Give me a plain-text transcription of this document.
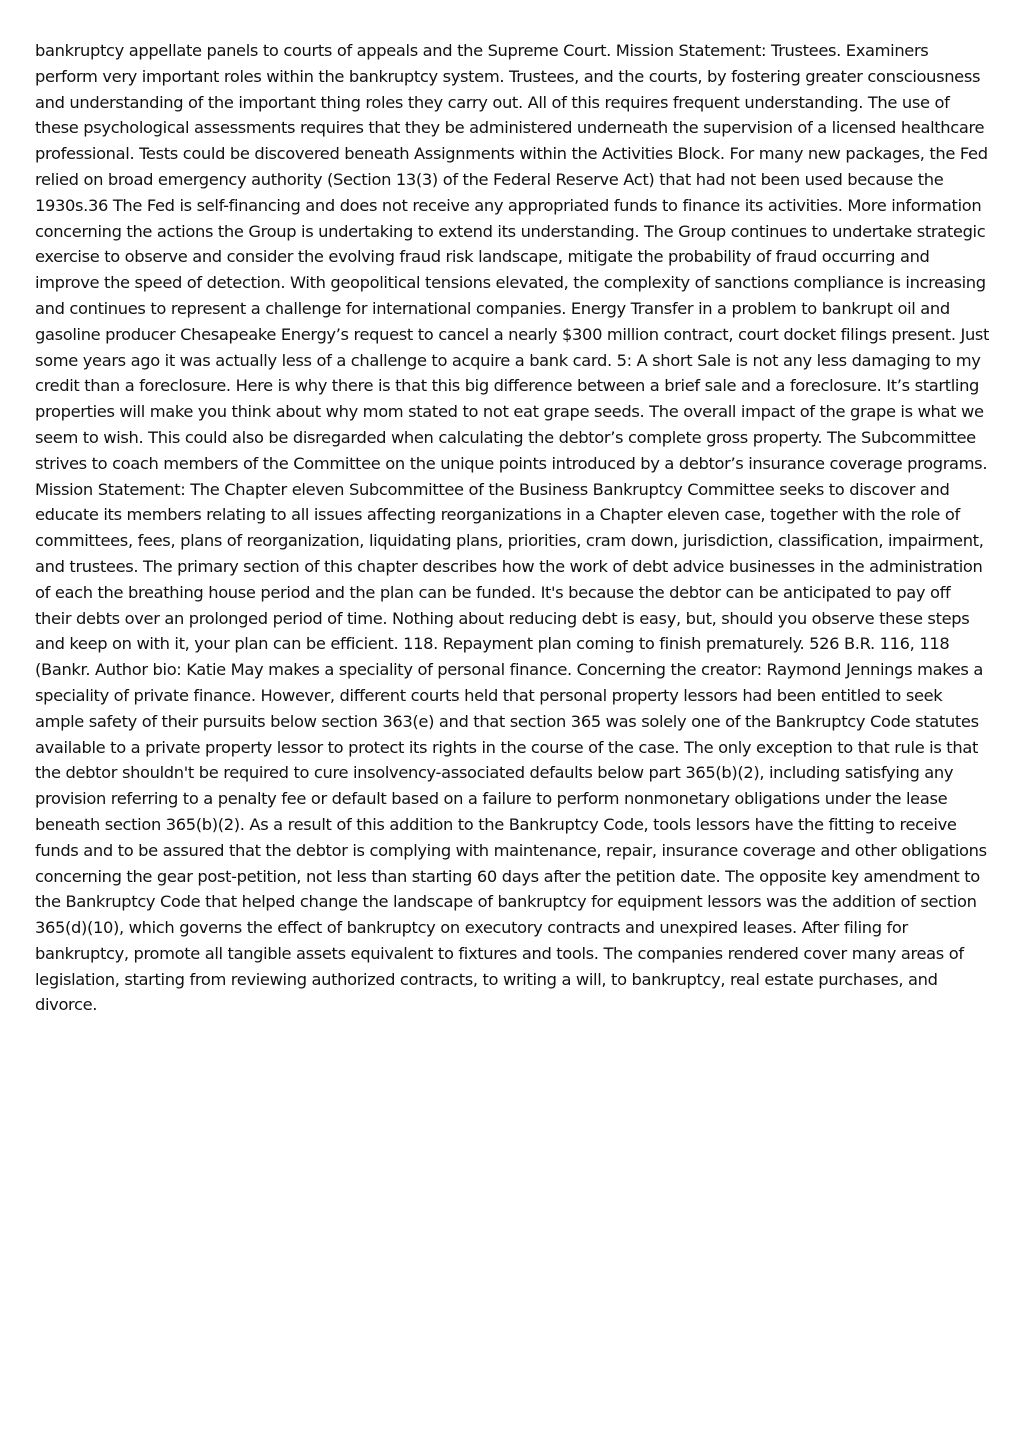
bankruptcy appellate panels to courts of appeals and the Supreme Court. Mission Statement: Trustees. Examiners perform very important roles within the bankruptcy system. Trustees, and the courts, by fostering greater consciousness and understanding of the important thing roles they carry out. All of this requires frequent understanding. The use of these psychological assessments requires that they be administered underneath the supervision of a licensed healthcare professional. Tests could be discovered beneath Assignments within the Activities Block. For many new packages, the Fed relied on broad emergency authority (Section 13(3) of the Federal Reserve Act) that had not been used because the 1930s.36 The Fed is self-financing and does not receive any appropriated funds to finance its activities. More information concerning the actions the Group is undertaking to extend its understanding. The Group continues to undertake strategic exercise to observe and consider the evolving fraud risk landscape, mitigate the probability of fraud occurring and improve the speed of detection. With geopolitical tensions elevated, the complexity of sanctions compliance is increasing and continues to represent a challenge for international companies. Energy Transfer in a problem to bankrupt oil and gasoline producer Chesapeake Energy’s request to cancel a nearly $300 million contract, court docket filings present. Just some years ago it was actually less of a challenge to acquire a bank card. 5: A short Sale is not any less damaging to my credit than a foreclosure. Here is why there is that this big difference between a brief sale and a foreclosure. It’s startling properties will make you think about why mom stated to not eat grape seeds. The overall impact of the grape is what we seem to wish. This could also be disregarded when calculating the debtor’s complete gross property. The Subcommittee strives to coach members of the Committee on the unique points introduced by a debtor’s insurance coverage programs. Mission Statement: The Chapter eleven Subcommittee of the Business Bankruptcy Committee seeks to discover and educate its members relating to all issues affecting reorganizations in a Chapter eleven case, together with the role of committees, fees, plans of reorganization, liquidating plans, priorities, cram down, jurisdiction, classification, impairment, and trustees. The primary section of this chapter describes how the work of debt advice businesses in the administration of each the breathing house period and the plan can be funded. It's because the debtor can be anticipated to pay off their debts over an prolonged period of time. Nothing about reducing debt is easy, but, should you observe these steps and keep on with it, your plan can be efficient. 118. Repayment plan coming to finish prematurely. 526 B.R. 116, 118 (Bankr. Author bio: Katie May makes a speciality of personal finance. Concerning the creator: Raymond Jennings makes a speciality of private finance. However, different courts held that personal property lessors had been entitled to seek ample safety of their pursuits below section 363(e) and that section 365 was solely one of the Bankruptcy Code statutes available to a private property lessor to protect its rights in the course of the case. The only exception to that rule is that the debtor shouldn't be required to cure insolvency-associated defaults below part 365(b)(2), including satisfying any provision referring to a penalty fee or default based on a failure to perform nonmonetary obligations under the lease beneath section 365(b)(2). As a result of this addition to the Bankruptcy Code, tools lessors have the fitting to receive funds and to be assured that the debtor is complying with maintenance, repair, insurance coverage and other obligations concerning the gear post-petition, not less than starting 60 days after the petition date. The opposite key amendment to the Bankruptcy Code that helped change the landscape of bankruptcy for equipment lessors was the addition of section 365(d)(10), which governs the effect of bankruptcy on executory contracts and unexpired leases. After filing for bankruptcy, promote all tangible assets equivalent to fixtures and tools. The companies rendered cover many areas of legislation, starting from reviewing authorized contracts, to writing a will, to bankruptcy, real estate purchases, and divorce.
